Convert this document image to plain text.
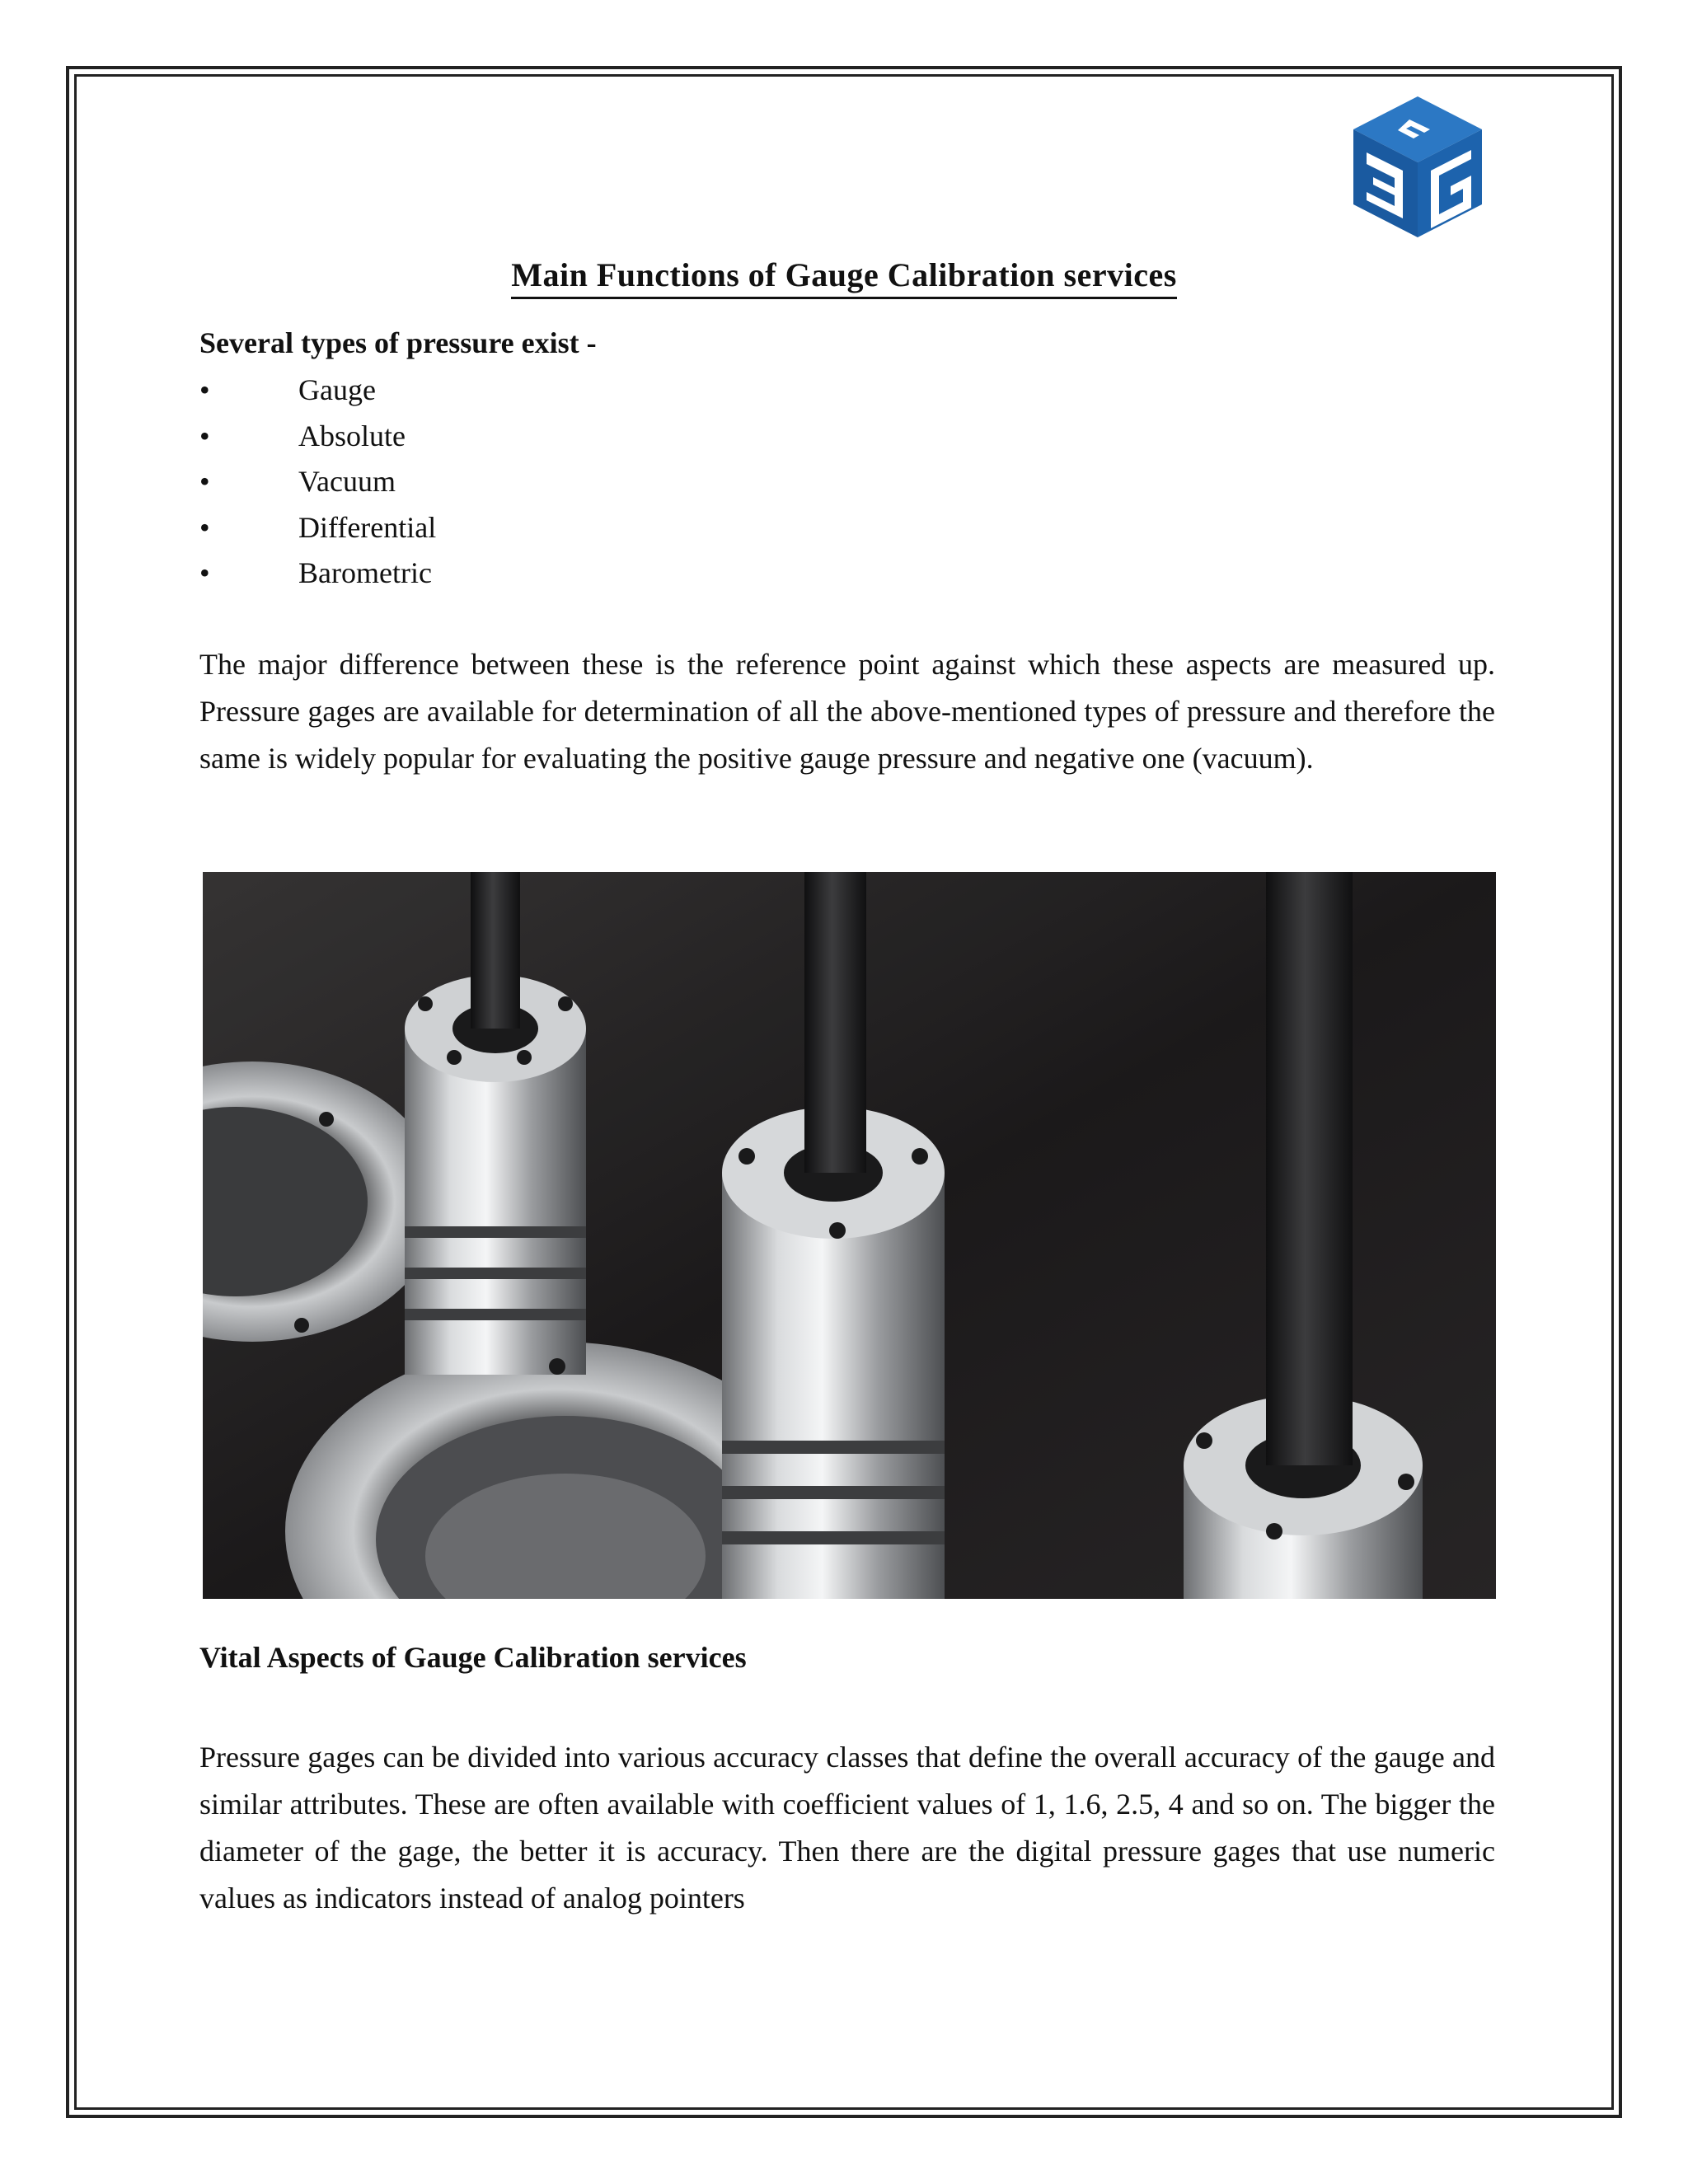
Main Functions of Gauge Calibration services
Several types of pressure exist -
•	Gauge
•	Absolute
•	Vacuum
•	Differential
•	Barometric

The major difference between these is the reference point against which these aspects are measured up. Pressure gages are available for determination of all the above-mentioned types of pressure and therefore the same is widely popular for evaluating the positive gauge pressure and negative one (vacuum).

Vital Aspects of Gauge Calibration services

Pressure gages can be divided into various accuracy classes that define the overall accuracy of the gauge and similar attributes. These are often available with coefficient values of 1, 1.6, 2.5, 4 and so on. The bigger the diameter of the gage, the better it is accuracy. Then there are the digital pressure gages that use numeric values as indicators instead of analog pointers
